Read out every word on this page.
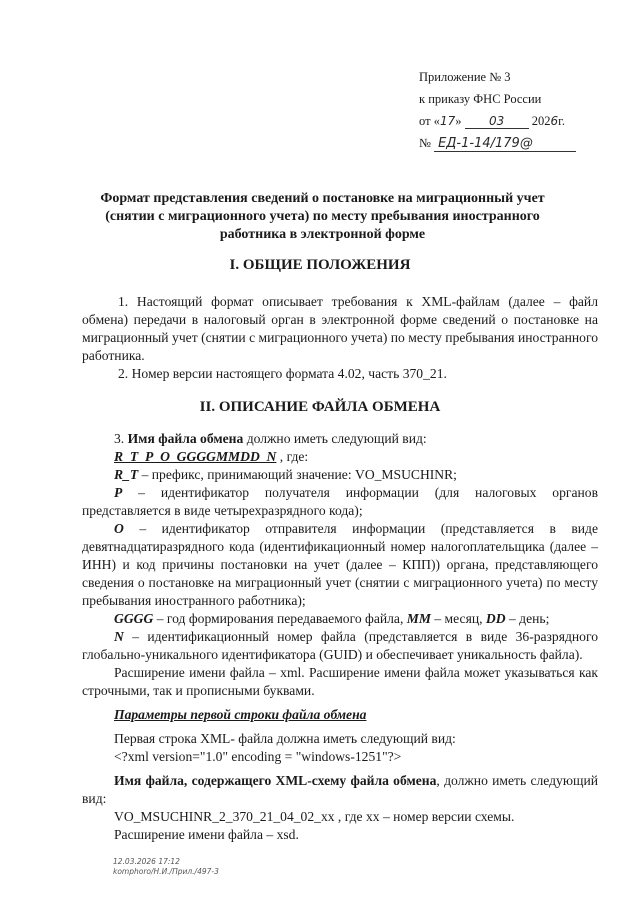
Приложение № 3
к приказу ФНС России
от «17» 03 2026г.
№ ЕД-1-14/179@
Формат представления сведений о постановке на миграционный учет (снятии с миграционного учета) по месту пребывания иностранного работника в электронной форме
I. ОБЩИЕ ПОЛОЖЕНИЯ

1. Настоящий формат описывает требования к XML-файлам (далее – файл обмена) передачи в налоговый орган в электронной форме сведений о постановке на миграционный учет (снятии с миграционного учета) по месту пребывания иностранного работника.

2. Номер версии настоящего формата 4.02, часть 370_21.

II. ОПИСАНИЕ ФАЙЛА ОБМЕНА

3. Имя файла обмена должно иметь следующий вид:

R_T_P_O_GGGGMMDD_N , где:

R_T – префикс, принимающий значение: VO_MSUCHINR;

P – идентификатор получателя информации (для налоговых органов представляется в виде четырехразрядного кода);

O – идентификатор отправителя информации (представляется в виде девятнадцатиразрядного кода (идентификационный номер налогоплательщика (далее – ИНН) и код причины постановки на учет (далее – КПП)) органа, представляющего сведения о постановке на миграционный учет (снятии с миграционного учета) по месту пребывания иностранного работника);

GGGG – год формирования передаваемого файла, MM – месяц, DD – день;

N – идентификационный номер файла (представляется в виде 36-разрядного глобально-уникального идентификатора (GUID) и обеспечивает уникальность файла).

Расширение имени файла – xml. Расширение имени файла может указываться как строчными, так и прописными буквами.

Параметры первой строки файла обмена

Первая строка XML- файла должна иметь следующий вид:

<?xml version="1.0" encoding = "windows-1251"?>

Имя файла, содержащего XML-схему файла обмена, должно иметь следующий вид:

VO_MSUCHINR_2_370_21_04_02_xx , где хх – номер версии схемы.

Расширение имени файла – xsd.

12.03.2026 17:12
komphoro/Н.И./Прил./497-3
